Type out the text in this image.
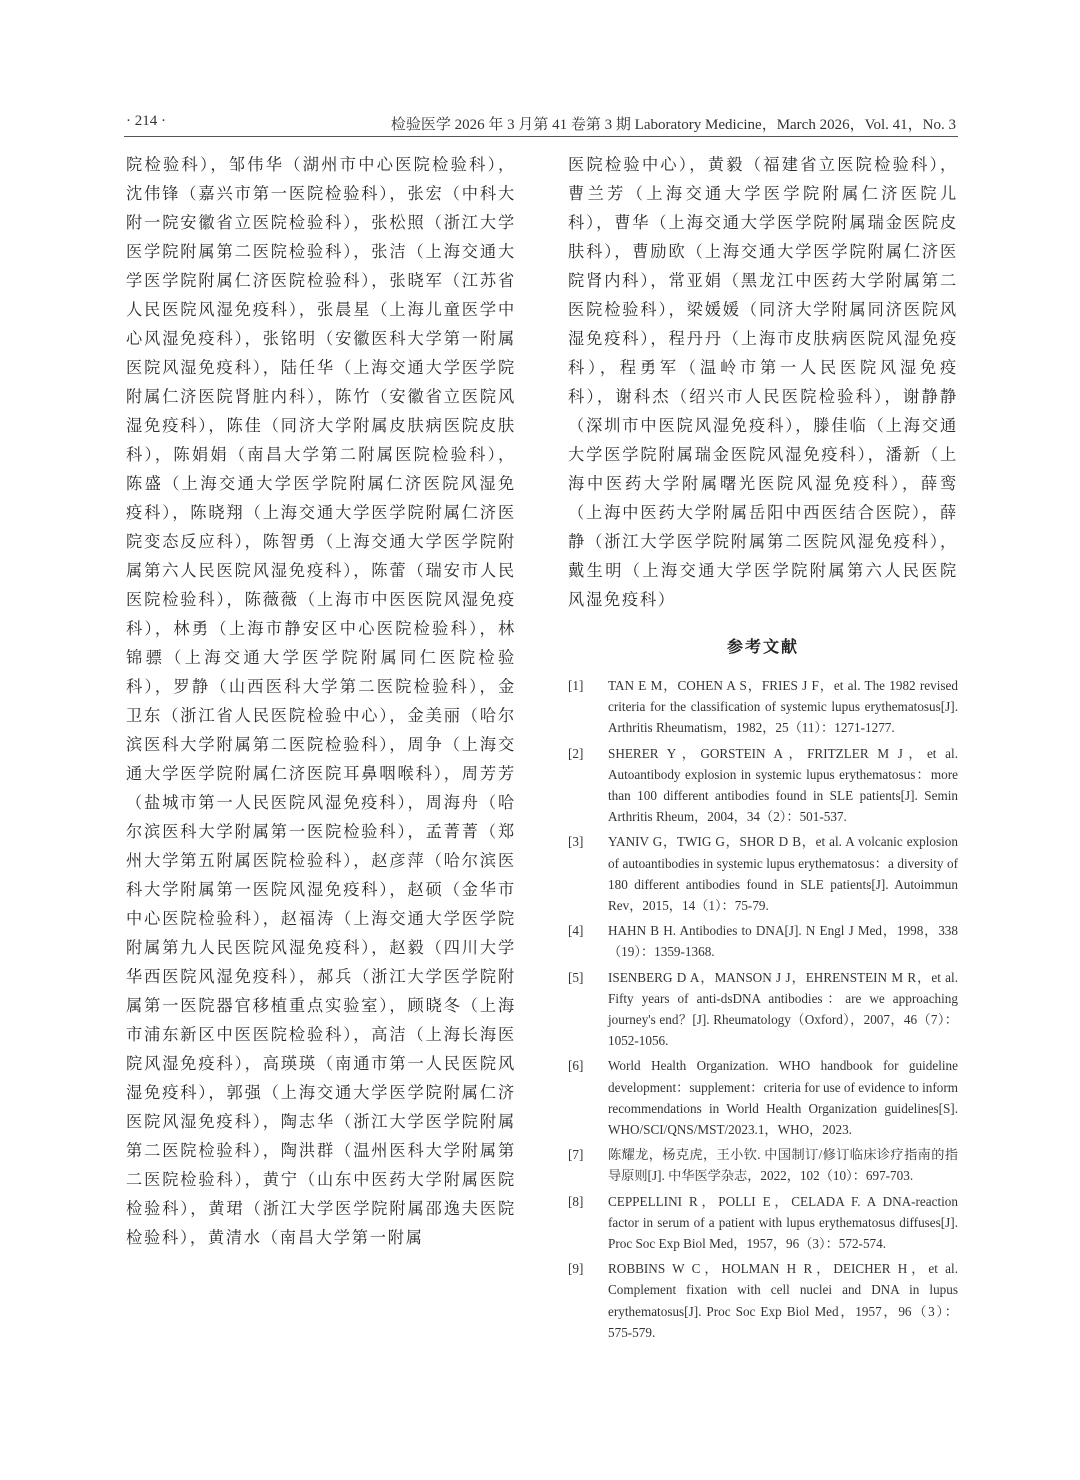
· 214 ·	检验医学 2026 年 3 月第 41 卷第 3 期 Laboratory Medicine，March 2026，Vol. 41，No. 3

院检验科），邹伟华（湖州市中心医院检验科），沈伟锋（嘉兴市第一医院检验科），张宏（中科大附一院安徽省立医院检验科），张松照（浙江大学医学院附属第二医院检验科），张洁（上海交通大学医学院附属仁济医院检验科），张晓军（江苏省人民医院风湿免疫科），张晨星（上海儿童医学中心风湿免疫科），张铭明（安徽医科大学第一附属医院风湿免疫科），陆任华（上海交通大学医学院附属仁济医院肾脏内科），陈竹（安徽省立医院风湿免疫科），陈佳（同济大学附属皮肤病医院皮肤科），陈娟娟（南昌大学第二附属医院检验科），陈盛（上海交通大学医学院附属仁济医院风湿免疫科），陈晓翔（上海交通大学医学院附属仁济医院变态反应科），陈智勇（上海交通大学医学院附属第六人民医院风湿免疫科），陈蕾（瑞安市人民医院检验科），陈薇薇（上海市中医医院风湿免疫科），林勇（上海市静安区中心医院检验科），林锦骠（上海交通大学医学院附属同仁医院检验科），罗静（山西医科大学第二医院检验科），金卫东（浙江省人民医院检验中心），金美丽（哈尔滨医科大学附属第二医院检验科），周争（上海交通大学医学院附属仁济医院耳鼻咽喉科），周芳芳（盐城市第一人民医院风湿免疫科），周海舟（哈尔滨医科大学附属第一医院检验科），孟菁菁（郑州大学第五附属医院检验科），赵彦萍（哈尔滨医科大学附属第一医院风湿免疫科），赵硕（金华市中心医院检验科），赵福涛（上海交通大学医学院附属第九人民医院风湿免疫科），赵毅（四川大学华西医院风湿免疫科），郝兵（浙江大学医学院附属第一医院器官移植重点实验室），顾晓冬（上海市浦东新区中医医院检验科），高洁（上海长海医院风湿免疫科），高瑛瑛（南通市第一人民医院风湿免疫科），郭强（上海交通大学医学院附属仁济医院风湿免疫科），陶志华（浙江大学医学院附属第二医院检验科），陶洪群（温州医科大学附属第二医院检验科），黄宁（山东中医药大学附属医院检验科），黄珺（浙江大学医学院附属邵逸夫医院检验科），黄清水（南昌大学第一附属

医院检验中心），黄毅（福建省立医院检验科），曹兰芳（上海交通大学医学院附属仁济医院儿科），曹华（上海交通大学医学院附属瑞金医院皮肤科），曹励欧（上海交通大学医学院附属仁济医院肾内科），常亚娟（黑龙江中医药大学附属第二医院检验科），梁媛媛（同济大学附属同济医院风湿免疫科），程丹丹（上海市皮肤病医院风湿免疫科），程勇军（温岭市第一人民医院风湿免疫科），谢科杰（绍兴市人民医院检验科），谢静静（深圳市中医院风湿免疫科），滕佳临（上海交通大学医学院附属瑞金医院风湿免疫科），潘新（上海中医药大学附属曙光医院风湿免疫科），薛鸾（上海中医药大学附属岳阳中西医结合医院），薛静（浙江大学医学院附属第二医院风湿免疫科），戴生明（上海交通大学医学院附属第六人民医院风湿免疫科）

参考文献
[1]	TAN E M，COHEN A S，FRIES J F，et al. The 1982 revised criteria for the classification of systemic lupus erythematosus[J]. Arthritis Rheumatism，1982，25（11）：1271-1277.
[2]	SHERER Y，GORSTEIN A，FRITZLER M J，et al. Autoantibody explosion in systemic lupus erythematosus：more than 100 different antibodies found in SLE patients[J]. Semin Arthritis Rheum，2004，34（2）：501-537.
[3]	YANIV G，TWIG G，SHOR D B，et al. A volcanic explosion of autoantibodies in systemic lupus erythematosus：a diversity of 180 different antibodies found in SLE patients[J]. Autoimmun Rev，2015，14（1）：75-79.
[4]	HAHN B H. Antibodies to DNA[J]. N Engl J Med，1998，338（19）：1359-1368.
[5]	ISENBERG D A，MANSON J J，EHRENSTEIN M R，et al. Fifty years of anti-dsDNA antibodies：are we approaching journey's end？[J]. Rheumatology（Oxford），2007，46（7）：1052-1056.
[6]	World Health Organization. WHO handbook for guideline development：supplement：criteria for use of evidence to inform recommendations in World Health Organization guidelines[S]. WHO/SCI/QNS/MST/2023.1，WHO，2023.
[7]	陈耀龙，杨克虎，王小钦. 中国制订/修订临床诊疗指南的指导原则[J]. 中华医学杂志，2022，102（10）：697-703.
[8]	CEPPELLINI R，POLLI E，CELADA F. A DNA-reaction factor in serum of a patient with lupus erythematosus diffuses[J]. Proc Soc Exp Biol Med，1957，96（3）：572-574.
[9]	ROBBINS W C，HOLMAN H R，DEICHER H，et al. Complement fixation with cell nuclei and DNA in lupus erythematosus[J]. Proc Soc Exp Biol Med，1957，96（3）：575-579.
